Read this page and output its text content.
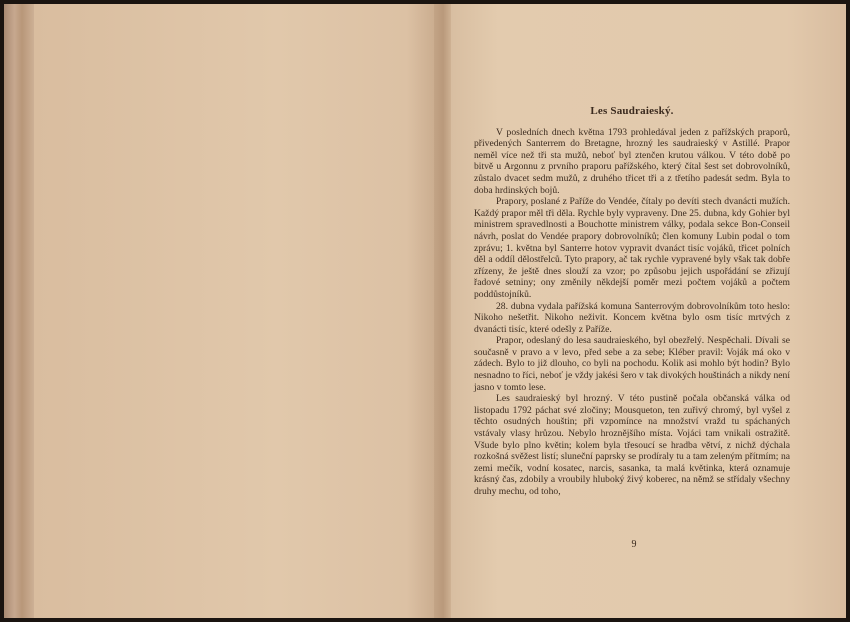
Les Saudraieský.

V posledních dnech května 1793 prohledával jeden z pařížských praporů, přivedených Santerrem do Bretagne, hrozný les saudraieský v Astillé. Prapor neměl více než tři sta mužů, neboť byl ztenčen krutou válkou. V této době po bitvě u Argonnu z prvního praporu pařížského, který čítal šest set dobrovolníků, zůstalo dvacet sedm mužů, z druhého třicet tři a z třetího padesát sedm. Byla to doba hrdinských bojů.

Prapory, poslané z Paříže do Vendée, čítaly po devíti stech dvanácti mužích. Každý prapor měl tři děla. Rychle byly vypraveny. Dne 25. dubna, kdy Gohier byl ministrem spravedlnosti a Bouchotte ministrem války, podala sekce Bon-Conseil návrh, poslat do Vendée prapory dobrovolníků; člen komuny Lubin podal o tom zprávu; 1. května byl Santerre hotov vypravit dvanáct tisíc vojáků, třicet polních děl a oddíl dělostřelců. Tyto prapory, ač tak rychle vypravené byly však tak dobře zřízeny, že ještě dnes slouží za vzor; po způsobu jejich uspořádání se zřizují řadové setniny; ony změnily někdejší poměr mezi počtem vojáků a počtem poddůstojníků.

28. dubna vydala pařížská komuna Santerrovým dobrovolníkům toto heslo: Nikoho nešetřit. Nikoho neživit. Koncem května bylo osm tisíc mrtvých z dvanácti tisíc, které odešly z Paříže.

Prapor, odeslaný do lesa saudraieského, byl obezřelý. Nespěchali. Dívali se současně v pravo a v levo, před sebe a za sebe; Kléber pravil: Voják má oko v zádech. Bylo to již dlouho, co byli na pochodu. Kolik asi mohlo být hodin? Bylo nesnadno to říci, neboť je vždy jakési šero v tak divokých houštinách a nikdy není jasno v tomto lese.

Les saudraieský byl hrozný. V této pustině počala občanská válka od listopadu 1792 páchat své zločiny; Mousqueton, ten zuřivý chromý, byl vyšel z těchto osudných houštin; při vzpomínce na množství vražd tu spáchaných vstávaly vlasy hrůzou. Nebylo hroznějšího místa. Vojáci tam vnikali ostražitě. Všude bylo plno květin; kolem byla třesoucí se hradba větví, z nichž dýchala rozkošná svěžest listí; sluneční paprsky se prodíraly tu a tam zeleným přítmím; na zemi mečík, vodní kosatec, narcis, sasanka, ta malá květinka, která oznamuje krásný čas, zdobily a vroubily hluboký živý koberec, na němž se střídaly všechny druhy mechu, od toho,

9
